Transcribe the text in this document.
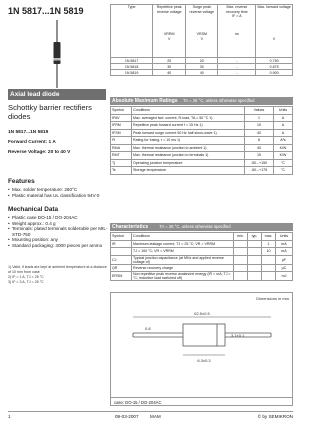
1N 5817...1N 5819
Axial lead diode
Schottky barrier rectifiers diodes
1N 5817...1N 5819
Forward Current: 1 A
Reverse Voltage: 20 to 40 V
Features
• Max. solder temperature: 260°C
• Plastic material has UL classification 94V-0
Mechanical Data
• Plastic case DO-15 / DO-204AC
• Weight approx.: 0.4 g
• Terminals: plated terminals solderable per MIL-STD-750
• Mounting position: any
• Standard packaging: 4000 pieces per ammo
1) Valid, if leads are kept at ambient temperature at a distance of 10 mm from case
2) IF = 1 A, TJ = 25 °C
3) IF = 3 A, TJ = 25 °C
Type	Repetitive peak reverse voltage

VRRM
V	Surge peak reverse voltage

VRSM
V	Max. reverse recovery time
IF = A

ns	Max. forward voltage

V
1N 5817	20	20	-	0.750
1N 5818	30	30	-	0.875
1N 5819	40	40	-	0.900
Absolute Maximum Ratings TA = 25 °C, unless otherwise specified
Symbol	Conditions	Values	Units
IFAV	Max. averaged fwd. current, R-load, TA = 50 °C 1)	1	A
IFRM	Repetitive peak forward current f = 15 Hz 1)	10	A
IFSM	Peak forward surge current 50 Hz half sinus-wave 1)	40	A
i²t	Rating for fusing, t = 10 ms 1)	8	A²s
RthA	Max. thermal resistance junction to ambient 1)	40	K/W
RthT	Max. thermal resistance junction to terminals 1)	15	K/W
Tj	Operating junction temperature	-50...+150	°C
Ts	Storage temperature	-50...+175	°C
Characteristics	TA = 25 °C, unless otherwise specified
Symbol	Conditions	min.	typ.	max.	Units
IR	Maximum leakage current, TJ = 25 °C; VR = VRRM			1	mA
	TJ = 100 °C; VR = VRRM			10	mA
CJ	Typical junction capacitance (at MHz and applied reverse voltage of)				pF
QR	Reverse recovery charge				µC
ERSM	Non repetitive peak reverse avalanche energy (IR = mA; TJ = °C; inductive load switched off)				mJ
Dimensions in mm
62.5±0.5
6.3±0.3
3.1±0.1
0.8
case: DO-15 / DO-204AC
1	09-03-2007	MAM	© by SEMIKRON
